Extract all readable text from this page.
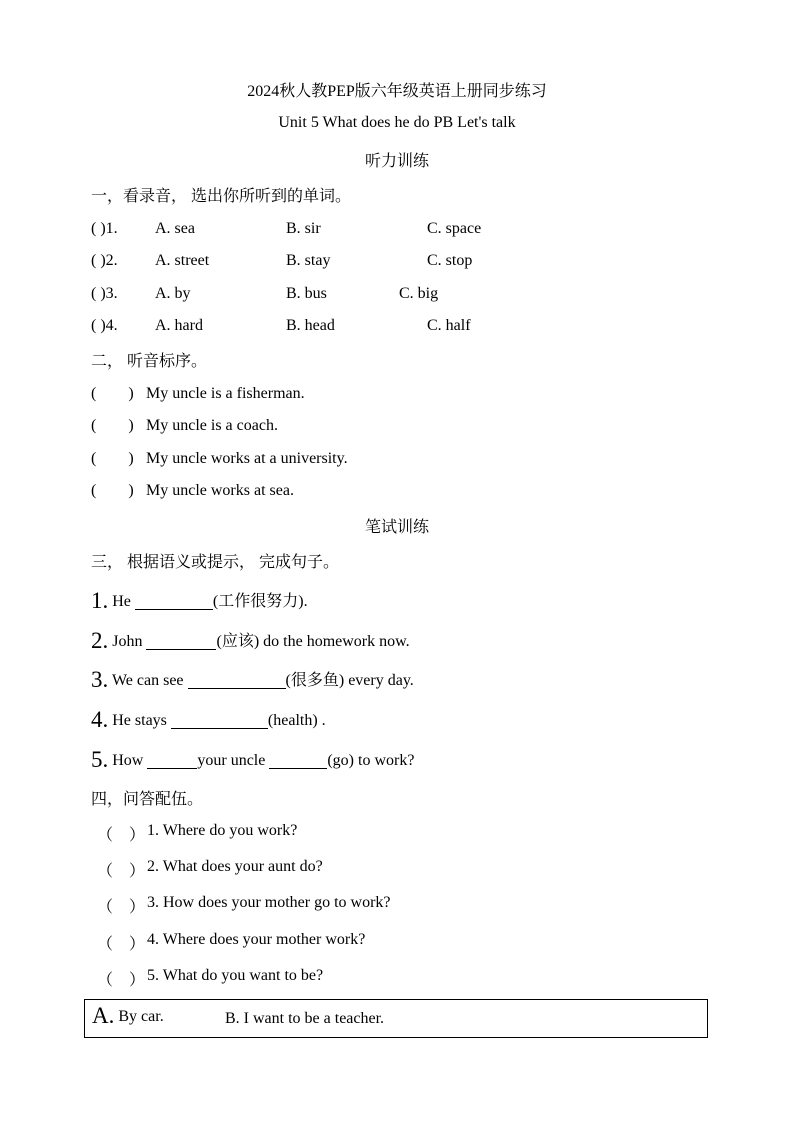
2024秋人教PEP版六年级英语上册同步练习
Unit 5 What does he do PB Let's talk
听力训练
一，看录音， 选出你所听到的单词。
( )1. A. sea	B. sir	C. space
( )2. A. street	B. stay	C. stop
( )3. A. by	B. bus	C. big
( )4. A. hard	B. head	C. half
二， 听音标序。
(        ) My uncle is a fisherman.
(        ) My uncle is a coach.
(        ) My uncle works at a university.
(        ) My uncle works at sea.
笔试训练
三， 根据语义或提示， 完成句子。
1. He	(工作很努力).
2. John	(应该) do the homework now.
3. We can see	(很多鱼) every day.
4. He stays	(health) .
5. How	your uncle	(go) to work?
四，问答配伍。
（    ） 1. Where do you work?
（    ） 2. What does your aunt do?
（    ） 3. How does your mother go to work?
（    ） 4. Where does your mother work?
（    ） 5. What do you want to be?
A. By car.	B. I want to be a teacher.
